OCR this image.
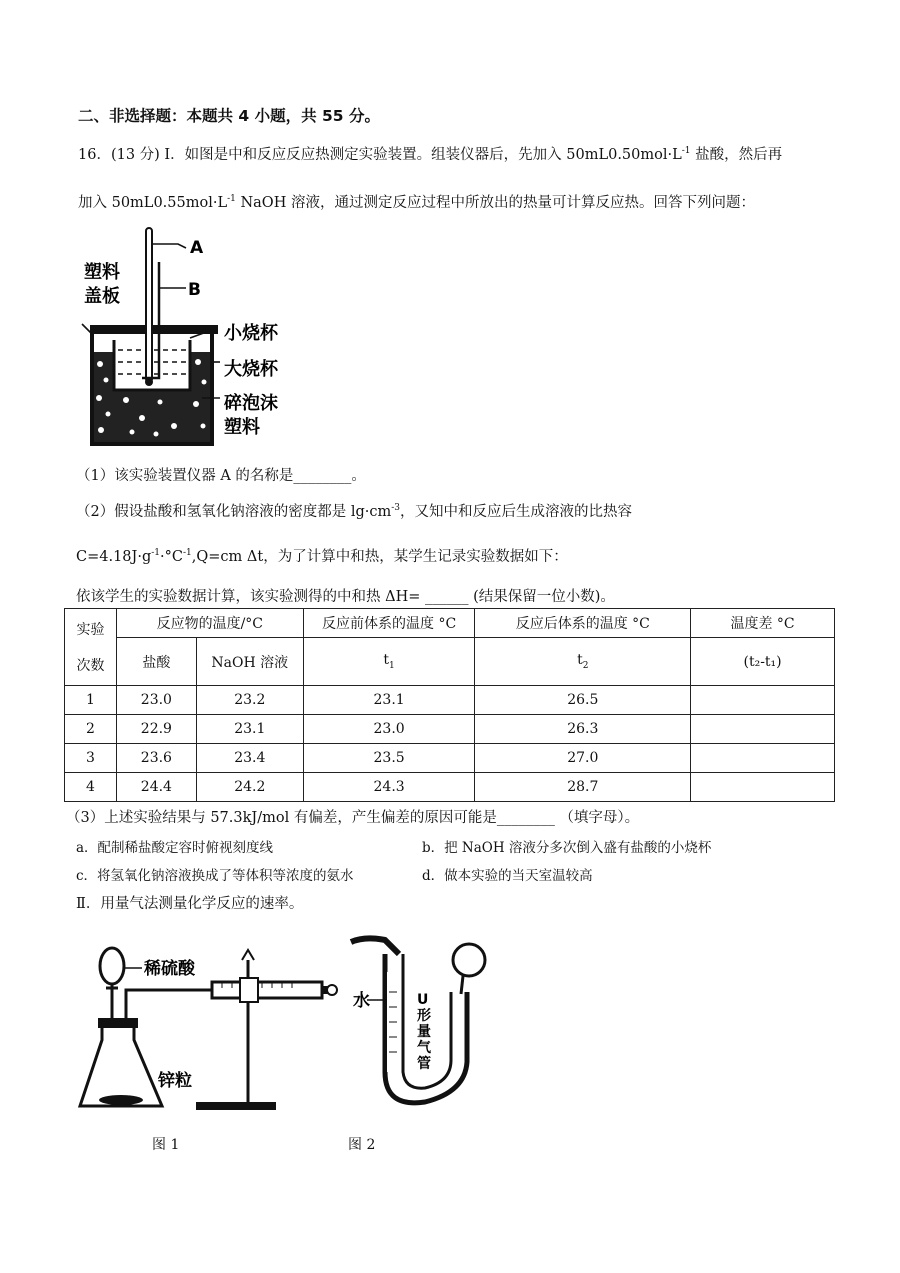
二、非选择题：本题共 4 小题，共 55 分。
16．(13 分) I．如图是中和反应反应热测定实验装置。组装仪器后，先加入 $50mL0.50mol\cdot L^{-1}$ 盐酸，然后再
加入 $50mL0.55mol\cdot L^{-1}$ NaOH 溶液，通过测定反应过程中所放出的热量可计算反应热。回答下列问题：
A
B
塑料
盖板
小烧杯
大烧杯
碎泡沫
塑料
（1）该实验装置仪器 A 的名称是________。
（2）假设盐酸和氢氧化钠溶液的密度都是 $\lg\cdot cm^{-3}$，又知中和反应后生成溶液的比热容
$C=4.18J\cdot g^{-1}\cdot^\circ C^{-1},Q=cm$ Δt，为了计算中和热，某学生记录实验数据如下：
依该学生的实验数据计算，该实验测得的中和热 ΔH= ______ (结果保留一位小数)。
实验

次数	反应物的温度/°C		反应前体系的温度 °C	反应后体系的温度 °C	温度差 °C
	盐酸	NaOH 溶液	$t_1$	$t_2$	(t₂-t₁)
1	23.0	23.2	23.1	26.5	
2	22.9	23.1	23.0	26.3	
3	23.6	23.4	23.5	27.0	
4	24.4	24.2	24.3	28.7	
（3）上述实验结果与 57.3kJ/mol 有偏差，产生偏差的原因可能是________ （填字母）。
a．配制稀盐酸定容时俯视刻度线	b．把 NaOH 溶液分多次倒入盛有盐酸的小烧杯
c．将氢氧化钠溶液换成了等体积等浓度的氨水	d．做本实验的当天室温较高
Ⅱ．用量气法测量化学反应的速率。
稀硫酸
锌粒
水	U
形
量
气
管
图 1	图 2
